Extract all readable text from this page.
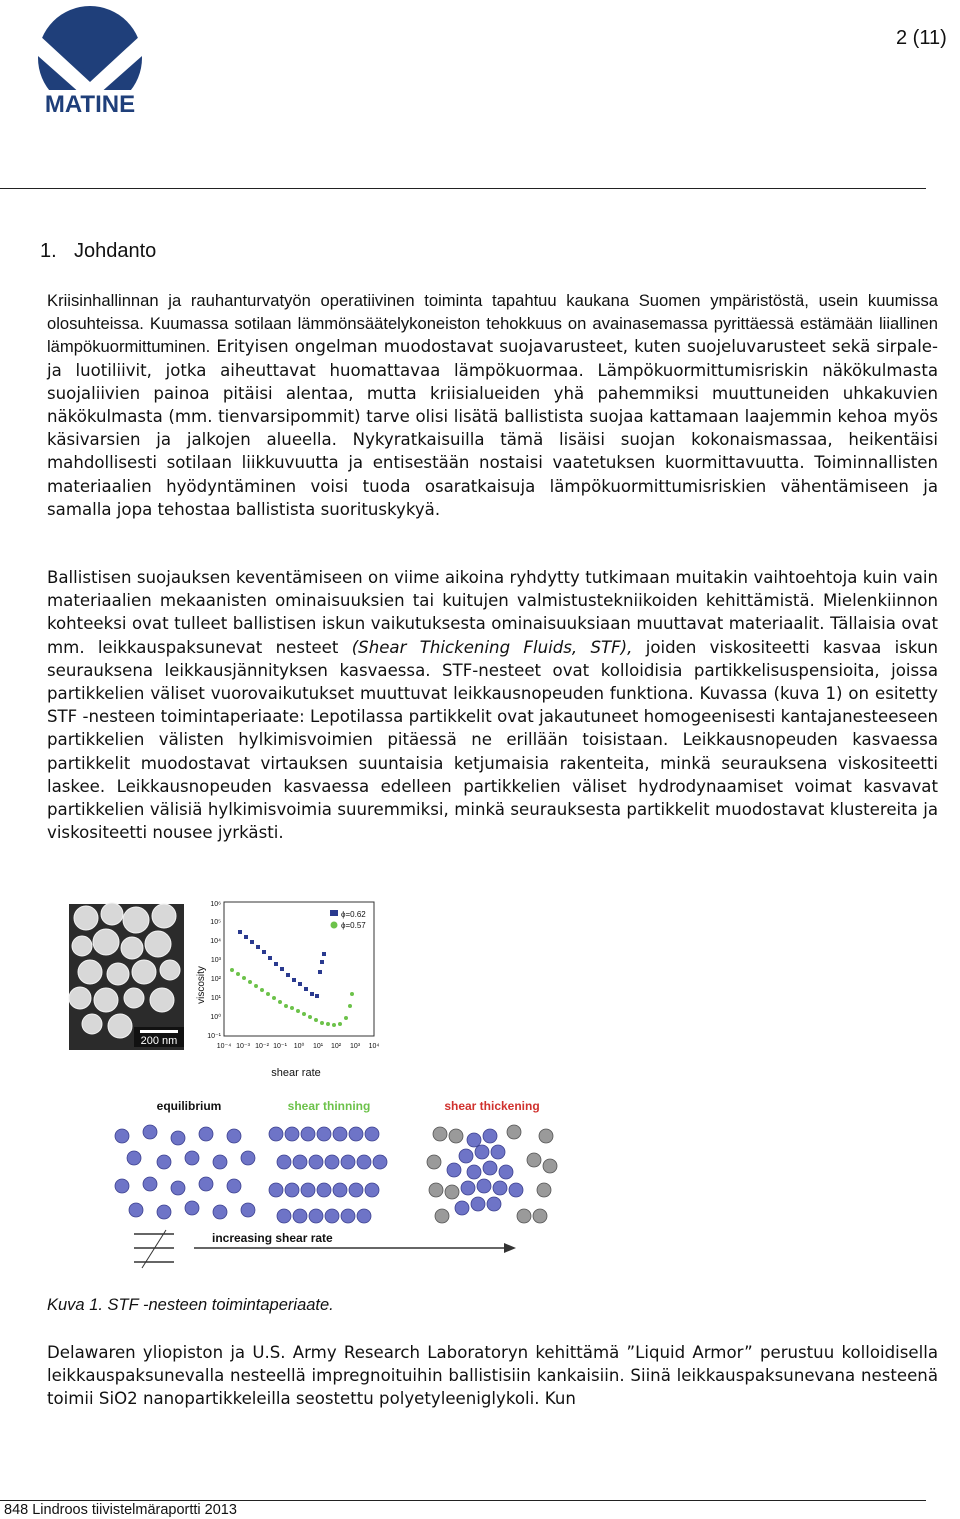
MATINE
2 (11)
1. Johdanto

Kriisinhallinnan ja rauhanturvatyön operatiivinen toiminta tapahtuu kaukana Suomen ympäristöstä, usein kuumissa olosuhteissa. Kuumassa sotilaan lämmönsäätelykoneiston tehokkuus on avainasemassa pyrittäessä estämään liiallinen lämpökuormittuminen. Erityisen ongelman muodostavat suojavarusteet, kuten suojeluvarusteet sekä sirpale- ja luotiliivit, jotka aiheuttavat huomattavaa lämpökuormaa. Lämpökuormittumisriskin näkökulmasta suojaliivien painoa pitäisi alentaa, mutta kriisialueiden yhä pahemmiksi muuttuneiden uhkakuvien näkökulmasta (mm. tienvarsipommit) tarve olisi lisätä ballistista suojaa kattamaan laajemmin kehoa myös käsivarsien ja jalkojen alueella. Nykyratkaisuilla tämä lisäisi suojan kokonaismassaa, heikentäisi mahdollisesti sotilaan liikkuvuutta ja entisestään nostaisi vaatetuksen kuormittavuutta. Toiminnallisten materiaalien hyödyntäminen voisi tuoda osaratkaisuja lämpökuormittumisriskien vähentämiseen ja samalla jopa tehostaa ballistista suorituskykyä.

Ballistisen suojauksen keventämiseen on viime aikoina ryhdytty tutkimaan muitakin vaihtoehtoja kuin vain materiaalien mekaanisten ominaisuuksien tai kuitujen valmistustekniikoiden kehittämistä. Mielenkiinnon kohteeksi ovat tulleet ballistisen iskun vaikutuksesta ominaisuuksiaan muuttavat materiaalit. Tällaisia ovat mm. leikkauspaksunevat nesteet (Shear Thickening Fluids, STF), joiden viskositeetti kasvaa iskun seurauksena leikkausjännityksen kasvaessa. STF-nesteet ovat kolloidisia partikkelisuspensioita, joissa partikkelien väliset vuorovaikutukset muuttuvat leikkausnopeuden funktiona. Kuvassa (kuva 1) on esitetty STF -nesteen toimintaperiaate: Lepotilassa partikkelit ovat jakautuneet homogeenisesti kantajanesteeseen partikkelien välisten hylkimisvoimien pitäessä ne erillään toisistaan. Leikkausnopeuden kasvaessa partikkelit muodostavat virtauksen suuntaisia ketjumaisia rakenteita, minkä seurauksena viskositeetti laskee. Leikkausnopeuden kasvaessa edelleen partikkelien väliset hydrodynaamiset voimat kasvavat partikkelien välisiä hylkimisvoimia suuremmiksi, minkä seurauksesta partikkelit muodostavat klustereita ja viskositeetti nousee jyrkästi.

200 nm
viscosity
shear rate
10⁶
10⁵
10⁴
10³
10²
10¹
10⁰
10⁻¹
10⁻⁴ 10⁻³ 10⁻² 10⁻¹ 10⁰ 10¹ 10² 10³ 10⁴
ϕ=0.62
ϕ=0.57
equilibrium	shear thinning	shear thickening
increasing shear rate
Kuva 1. STF -nesteen toimintaperiaate.

Delawaren yliopiston ja U.S. Army Research Laboratoryn kehittämä ”Liquid Armor” perustuu kolloidisella leikkauspaksunevalla nesteellä impregnoituihin ballistisiin kankaisiin. Siinä leikkauspaksunevana nesteenä toimii SiO2 nanopartikkeleilla seostettu polyetyleeniglykoli. Kun

848 Lindroos tiivistelmäraportti 2013
